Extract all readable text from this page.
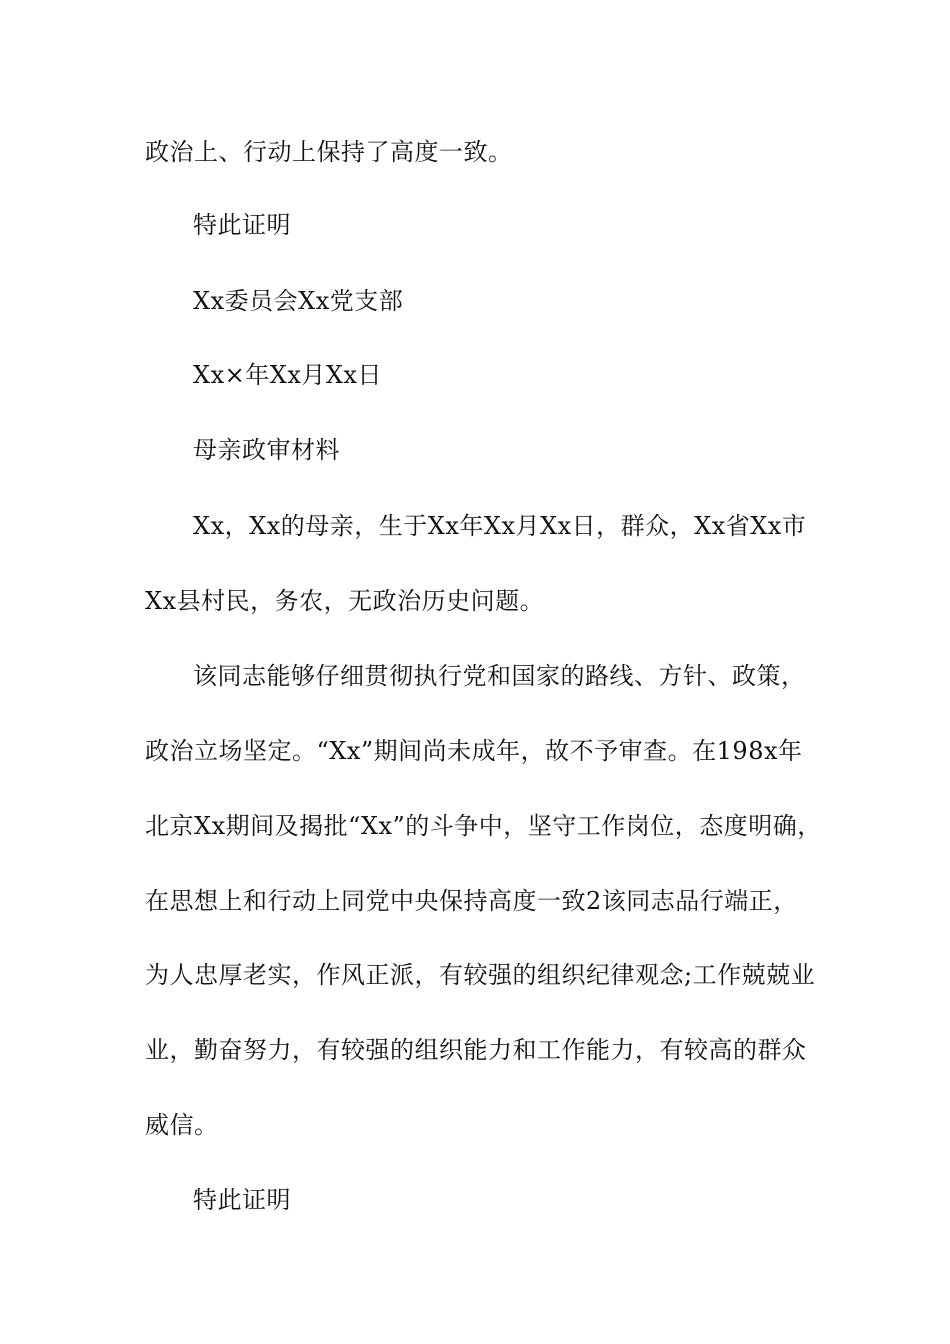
政治上、行动上保持了高度一致。
特此证明
Xx委员会Xx党支部
Xx×年Xx月Xx日
母亲政审材料
Xx，Xx的母亲，生于Xx年Xx月Xx日，群众，Xx省Xx市
Xx县村民，务农，无政治历史问题。
该同志能够仔细贯彻执行党和国家的路线、方针、政策，
政治立场坚定。“Xx”期间尚未成年，故不予审查。在198x年
北京Xx期间及揭批“Xx”的斗争中，坚守工作岗位，态度明确，
在思想上和行动上同党中央保持高度一致2该同志品行端正，
为人忠厚老实，作风正派，有较强的组织纪律观念;工作兢兢业
业，勤奋努力，有较强的组织能力和工作能力，有较高的群众
威信。
特此证明
